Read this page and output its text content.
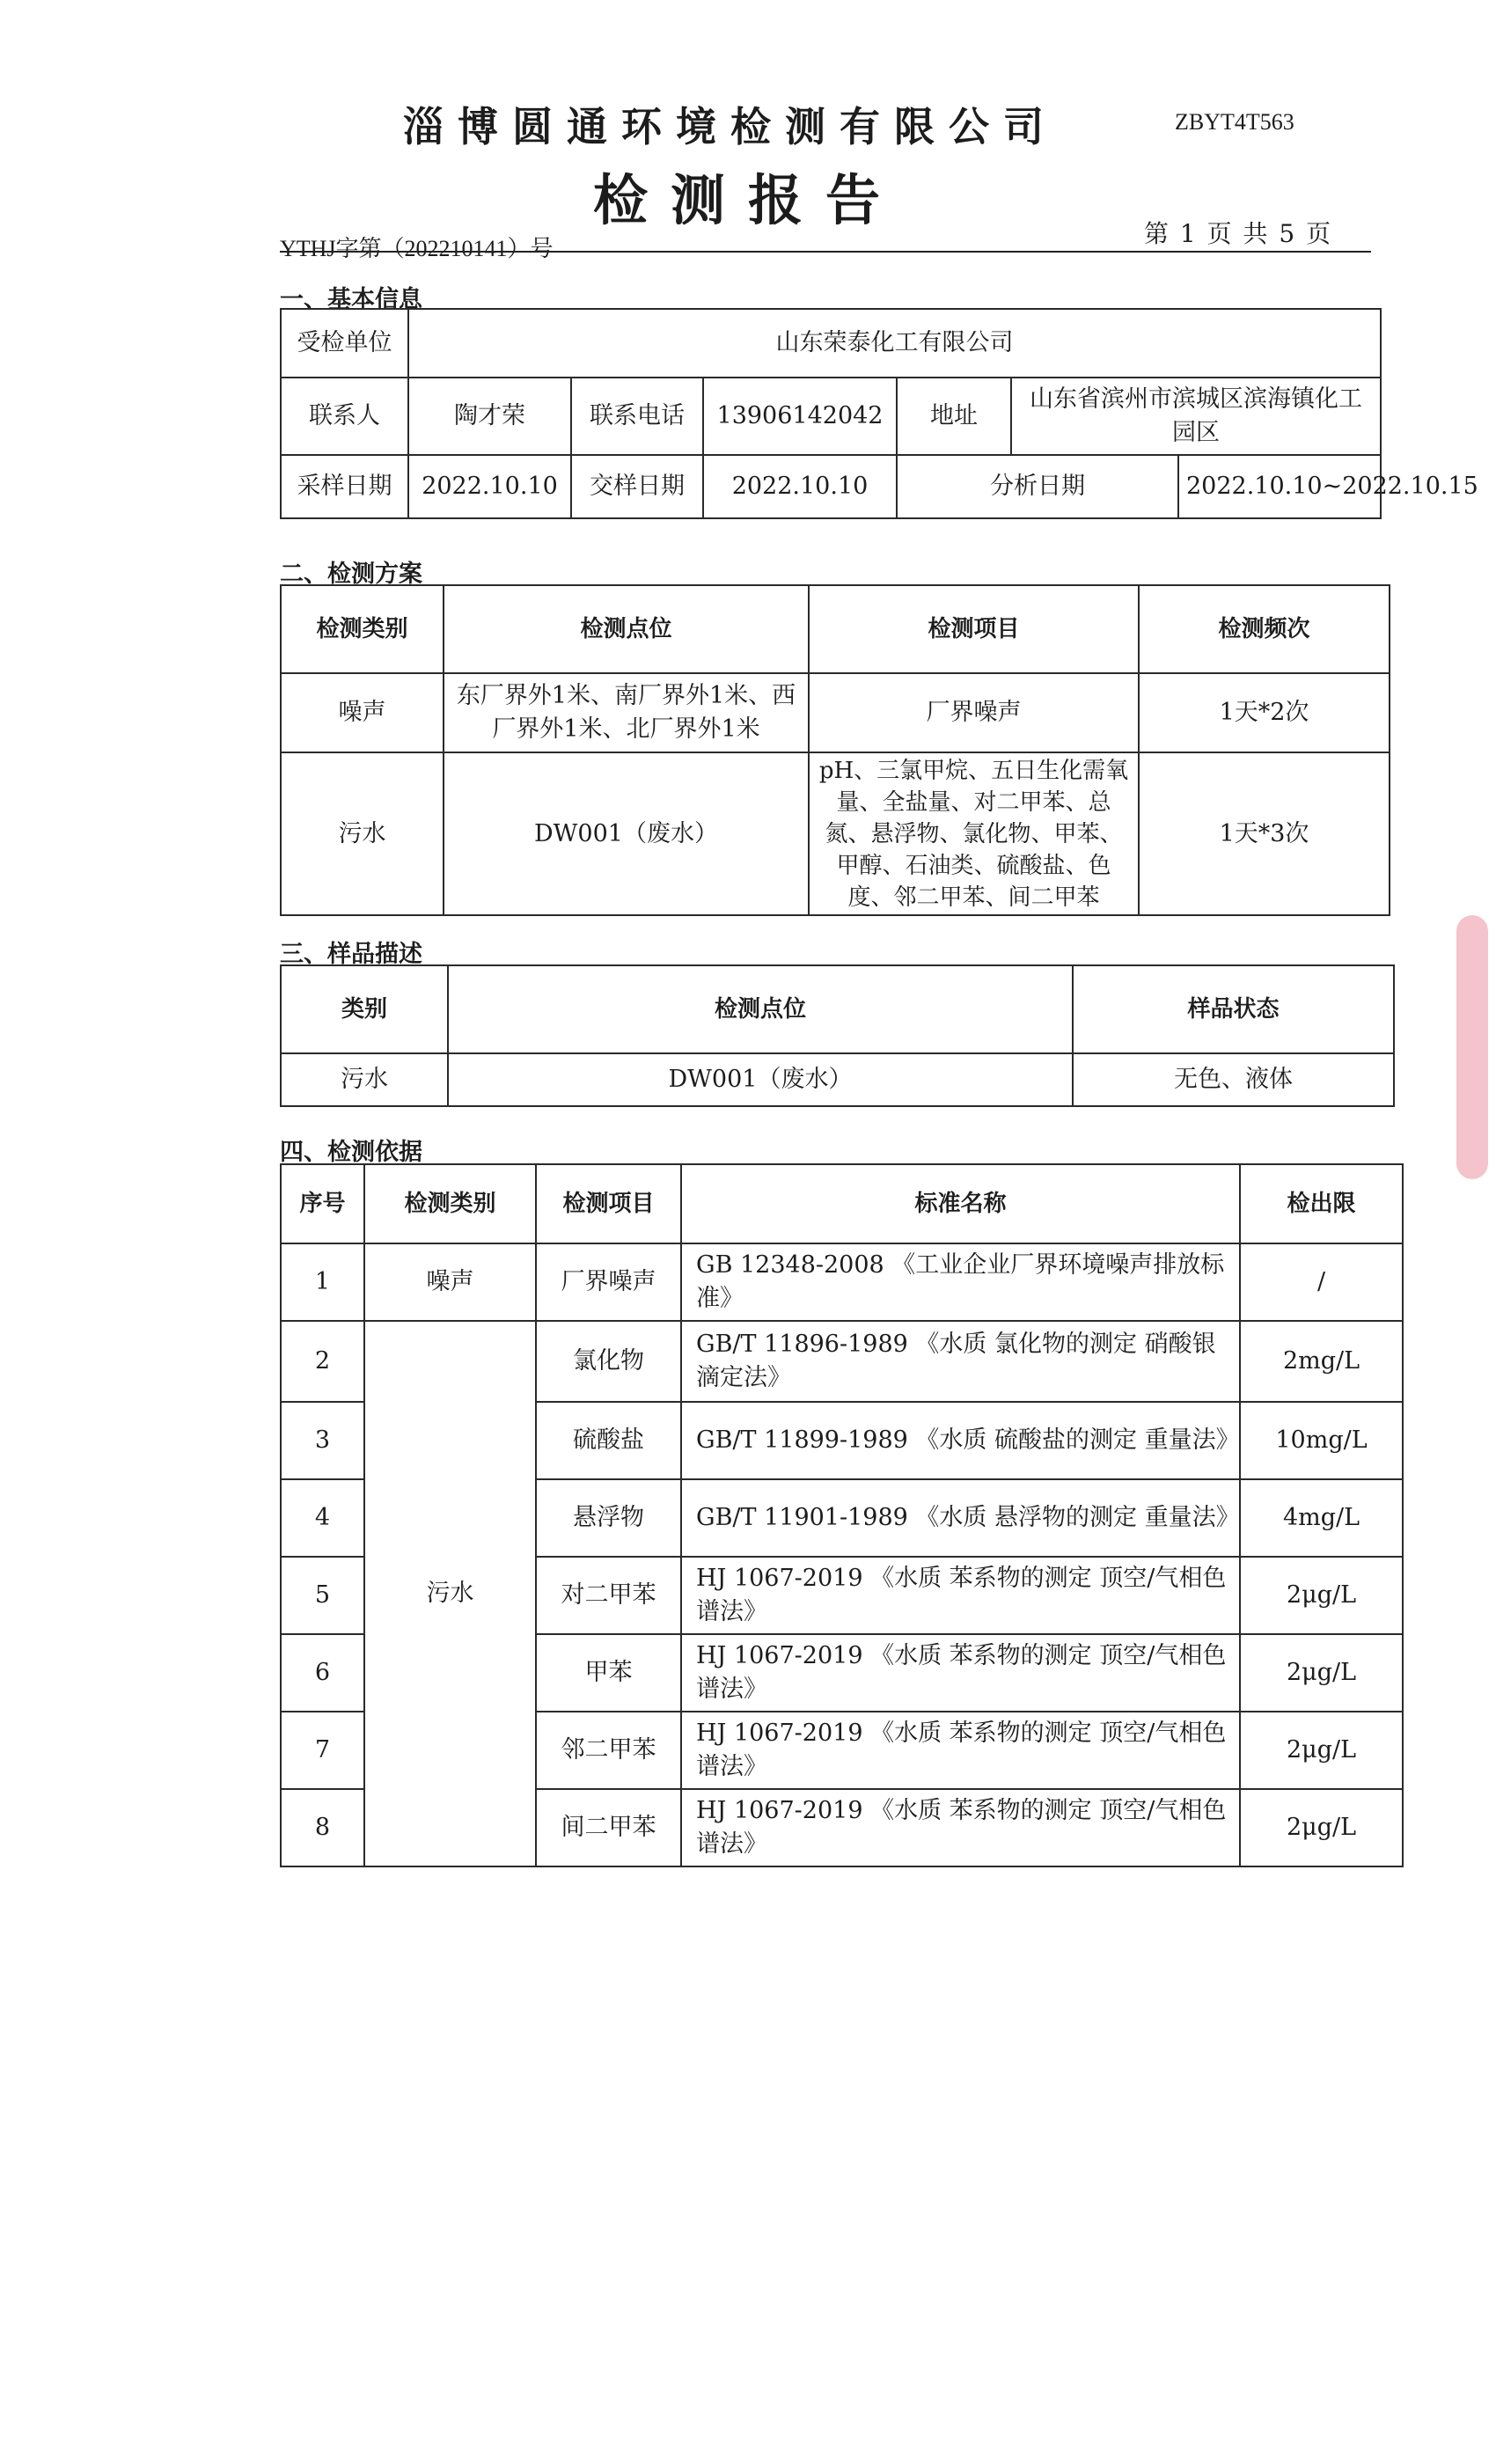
淄博圆通环境检测有限公司	ZBYT4T563
检测报告
YTHJ字第（202210141）号
第 1 页 共 5 页
一、基本信息
受检单位	山东荣泰化工有限公司					
联系人	陶才荣	联系电话	13906142042	地址	山东省滨州市滨城区滨海镇化工园区	
采样日期	2022.10.10	交样日期	2022.10.10	分析日期		2022.10.10~2022.10.15
二、检测方案
检测类别	检测点位	检测项目	检测频次
噪声	东厂界外1米、南厂界外1米、西厂界外1米、北厂界外1米	厂界噪声	1天*2次
污水	DW001（废水）	pH、三氯甲烷、五日生化需氧量、全盐量、对二甲苯、总氮、悬浮物、氯化物、甲苯、甲醇、石油类、硫酸盐、色度、邻二甲苯、间二甲苯	1天*3次
三、样品描述
类别	检测点位	样品状态
污水	DW001（废水）	无色、液体
四、检测依据
序号	检测类别	检测项目	标准名称	检出限
1	噪声	厂界噪声	GB 12348-2008 《工业企业厂界环境噪声排放标准》	/
2	污水	氯化物	GB/T 11896-1989 《水质 氯化物的测定 硝酸银滴定法》	2mg/L
3		硫酸盐	GB/T 11899-1989 《水质 硫酸盐的测定 重量法》	10mg/L
4		悬浮物	GB/T 11901-1989 《水质 悬浮物的测定 重量法》	4mg/L
5		对二甲苯	HJ 1067-2019 《水质 苯系物的测定 顶空/气相色谱法》	2μg/L
6		甲苯	HJ 1067-2019 《水质 苯系物的测定 顶空/气相色谱法》	2μg/L
7		邻二甲苯	HJ 1067-2019 《水质 苯系物的测定 顶空/气相色谱法》	2μg/L
8		间二甲苯	HJ 1067-2019 《水质 苯系物的测定 顶空/气相色谱法》	2μg/L
